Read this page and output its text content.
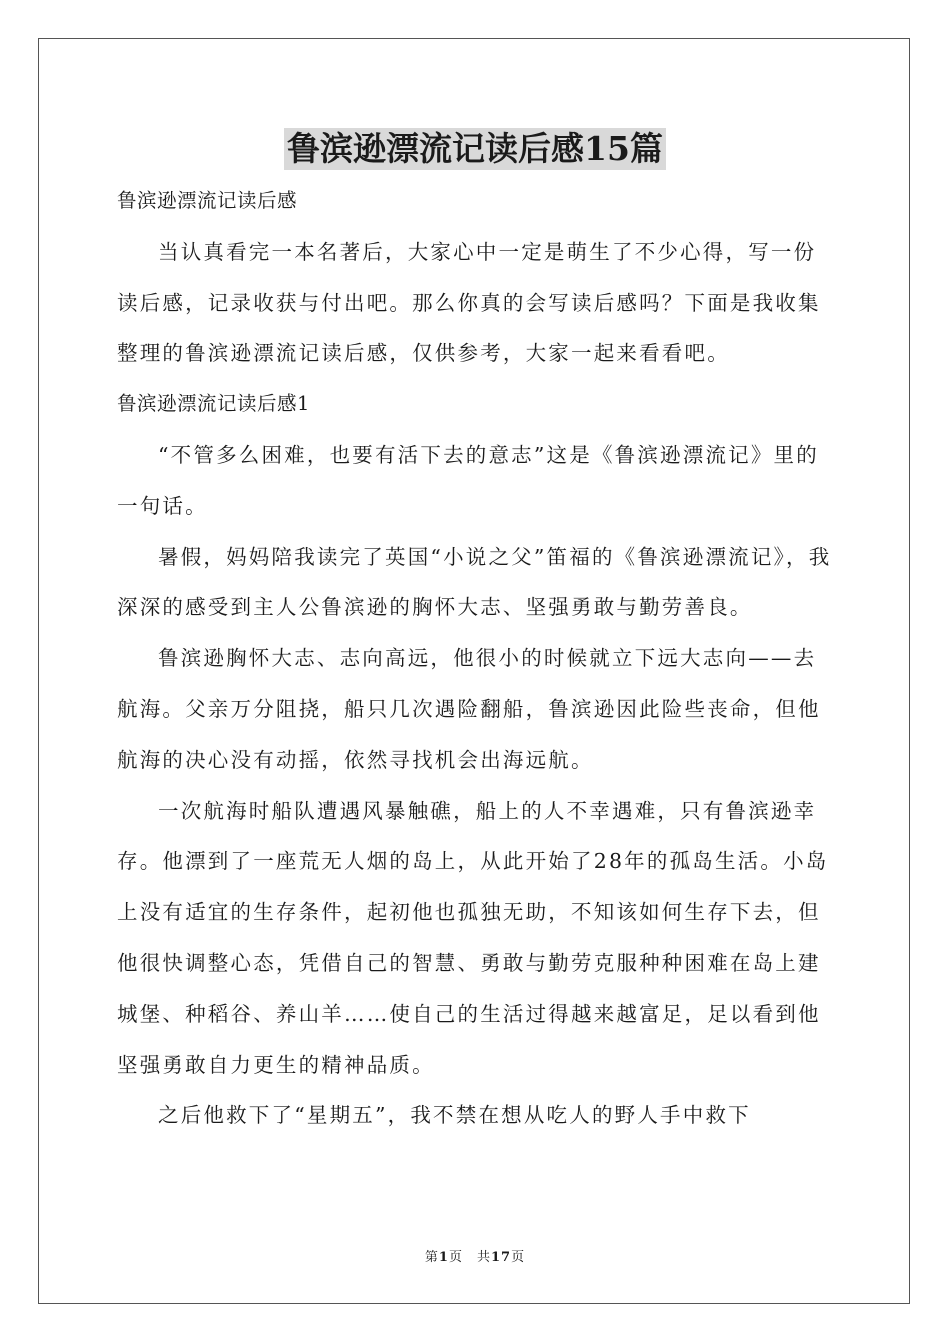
鲁滨逊漂流记读后感15篇

鲁滨逊漂流记读后感

当认真看完一本名著后，大家心中一定是萌生了不少心得，写一份读后感，记录收获与付出吧。那么你真的会写读后感吗？下面是我收集整理的鲁滨逊漂流记读后感，仅供参考，大家一起来看看吧。

鲁滨逊漂流记读后感1

“不管多么困难，也要有活下去的意志”这是《鲁滨逊漂流记》里的一句话。

暑假，妈妈陪我读完了英国“小说之父”笛福的《鲁滨逊漂流记》，我深深的感受到主人公鲁滨逊的胸怀大志、坚强勇敢与勤劳善良。

鲁滨逊胸怀大志、志向高远，他很小的时候就立下远大志向——去航海。父亲万分阻挠，船只几次遇险翻船，鲁滨逊因此险些丧命，但他航海的决心没有动摇，依然寻找机会出海远航。

一次航海时船队遭遇风暴触礁，船上的人不幸遇难，只有鲁滨逊幸存。他漂到了一座荒无人烟的岛上，从此开始了28年的孤岛生活。小岛上没有适宜的生存条件，起初他也孤独无助，不知该如何生存下去，但他很快调整心态，凭借自己的智慧、勇敢与勤劳克服种种困难在岛上建城堡、种稻谷、养山羊……使自己的生活过得越来越富足，足以看到他坚强勇敢自力更生的精神品质。

之后他救下了“星期五”，我不禁在想从吃人的野人手中救下

第1页　共17页
